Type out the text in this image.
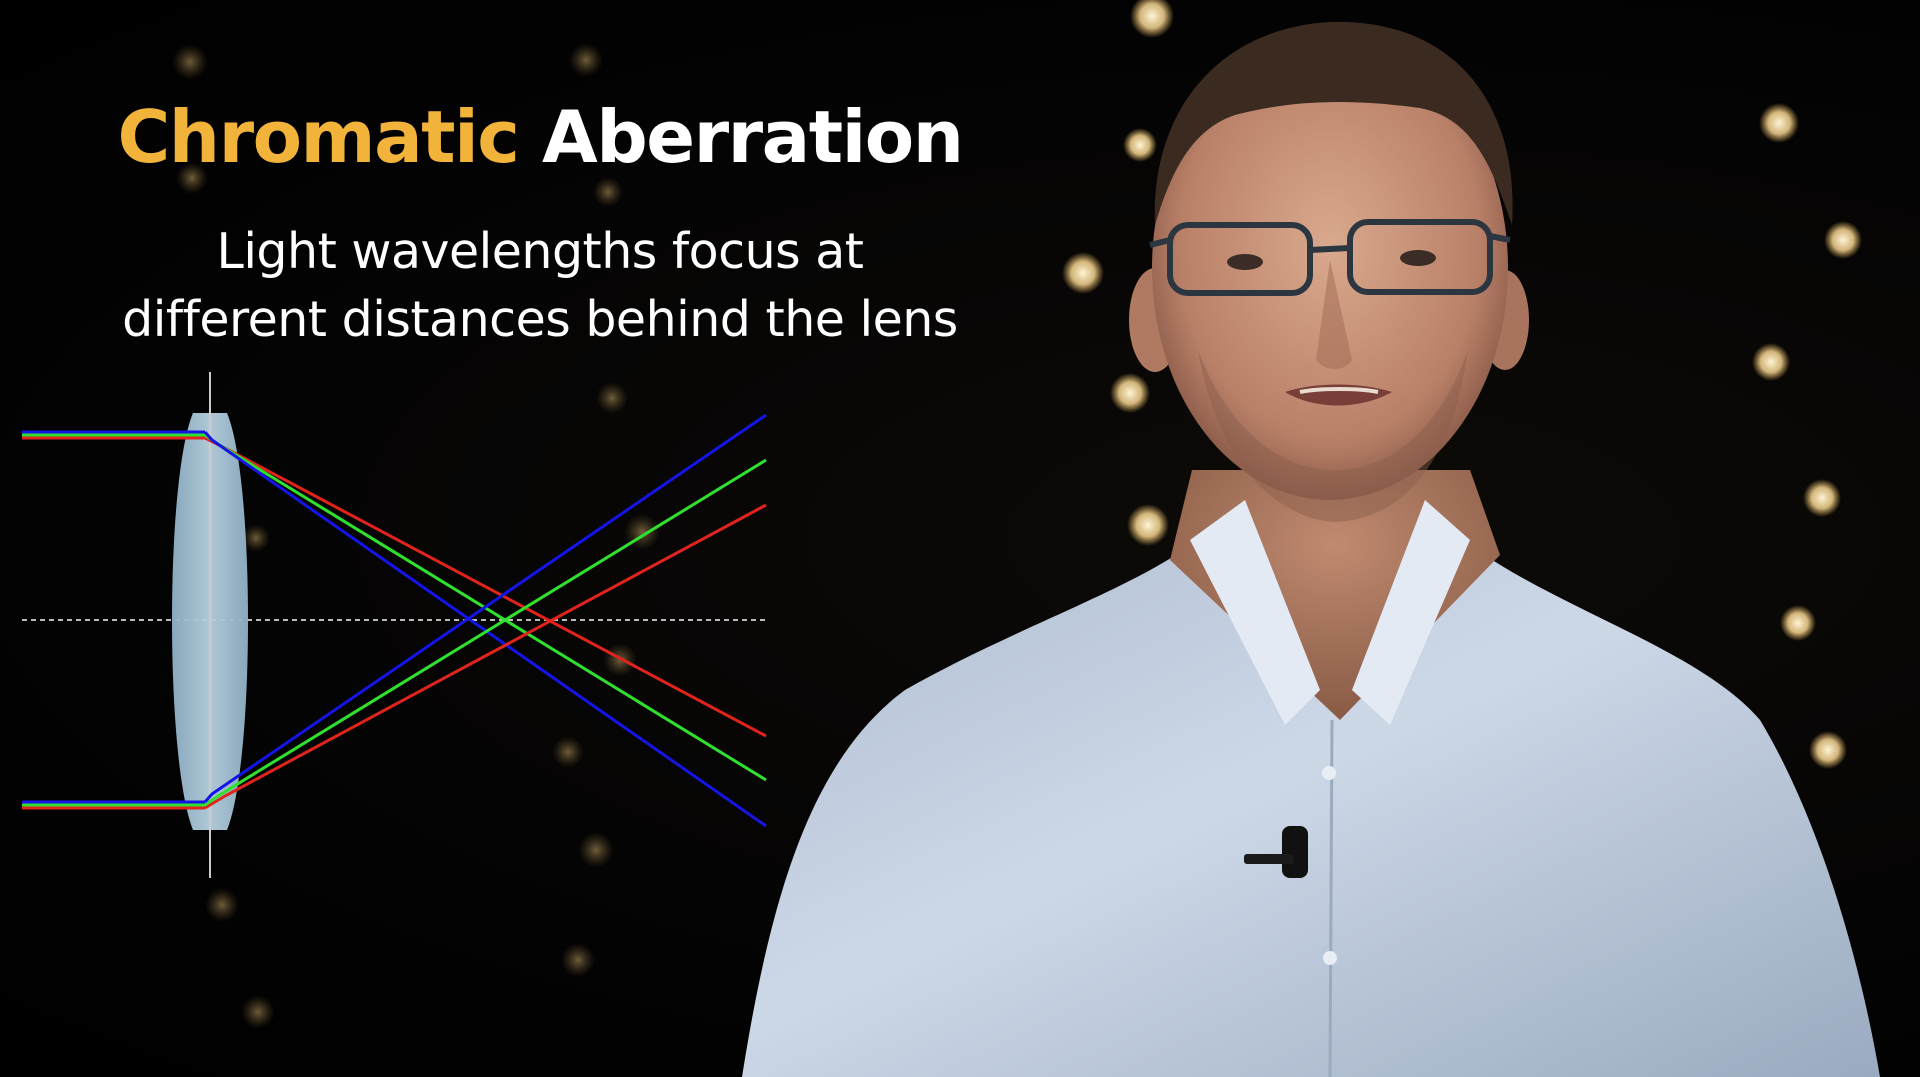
Chromatic Aberration
Light wavelengths focus at
different distances behind the lens
